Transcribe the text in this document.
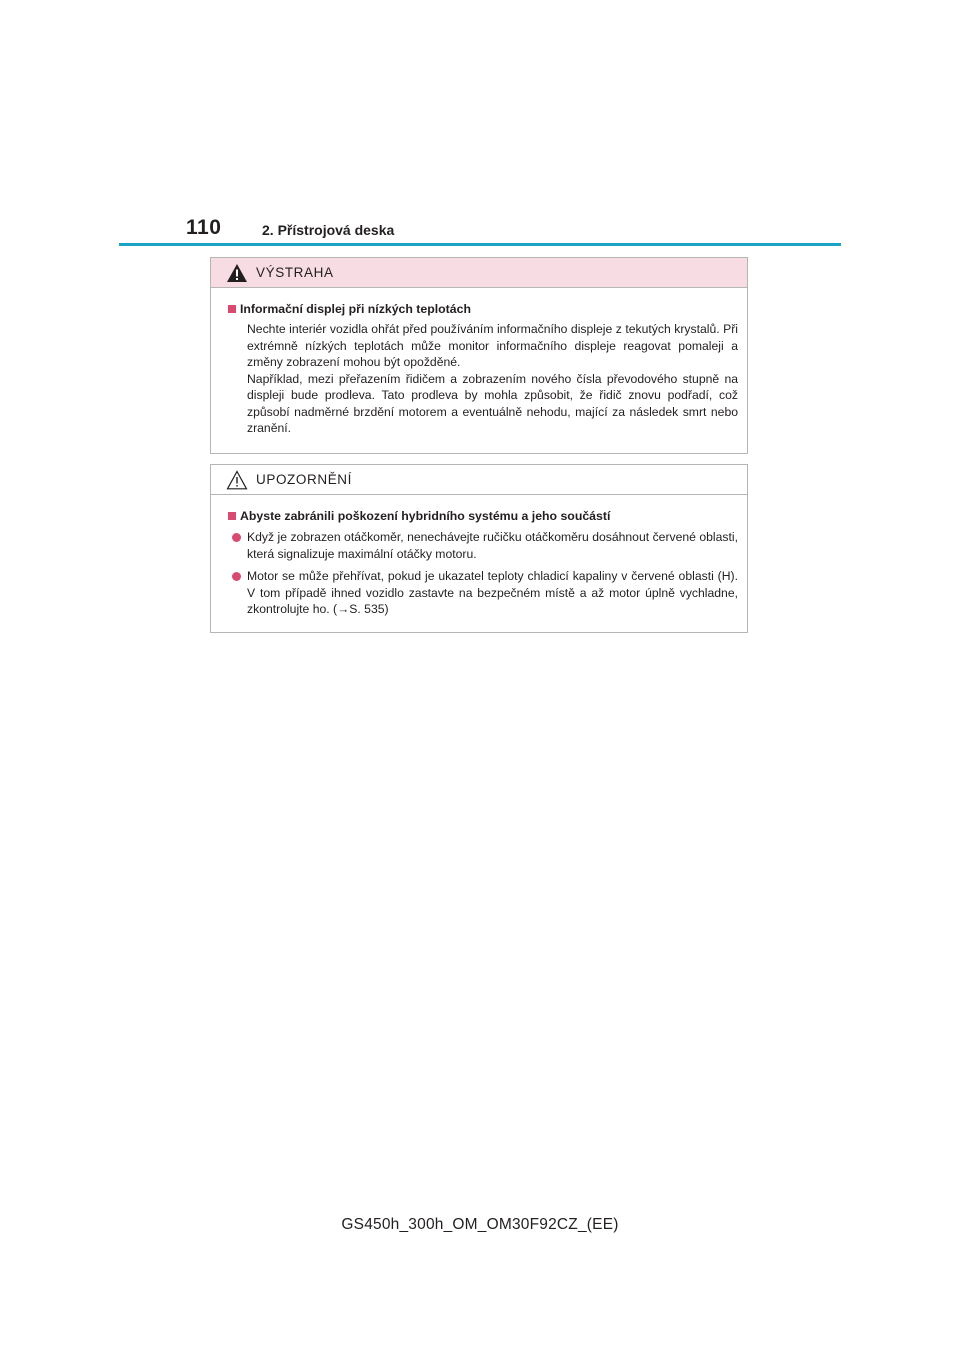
110	2. Přístrojová deska
VÝSTRAHA
Informační displej při nízkých teplotách
Nechte interiér vozidla ohřát před používáním informačního displeje z tekutých krystalů. Při extrémně nízkých teplotách může monitor informačního displeje reagovat pomaleji a změny zobrazení mohou být opožděné.
Například, mezi přeřazením řidičem a zobrazením nového čísla převodového stupně na displeji bude prodleva. Tato prodleva by mohla způsobit, že řidič znovu podřadí, což způsobí nadměrné brzdění motorem a eventuálně nehodu, mající za následek smrt nebo zranění.
UPOZORNĚNÍ
Abyste zabránili poškození hybridního systému a jeho součástí
Když je zobrazen otáčkoměr, nenechávejte ručičku otáčkoměru dosáhnout červené oblasti, která signalizuje maximální otáčky motoru.
Motor se může přehřívat, pokud je ukazatel teploty chladicí kapaliny v červené oblasti (H). V tom případě ihned vozidlo zastavte na bezpečném místě a až motor úplně vychladne, zkontrolujte ho. (→S. 535)
GS450h_300h_OM_OM30F92CZ_(EE)
